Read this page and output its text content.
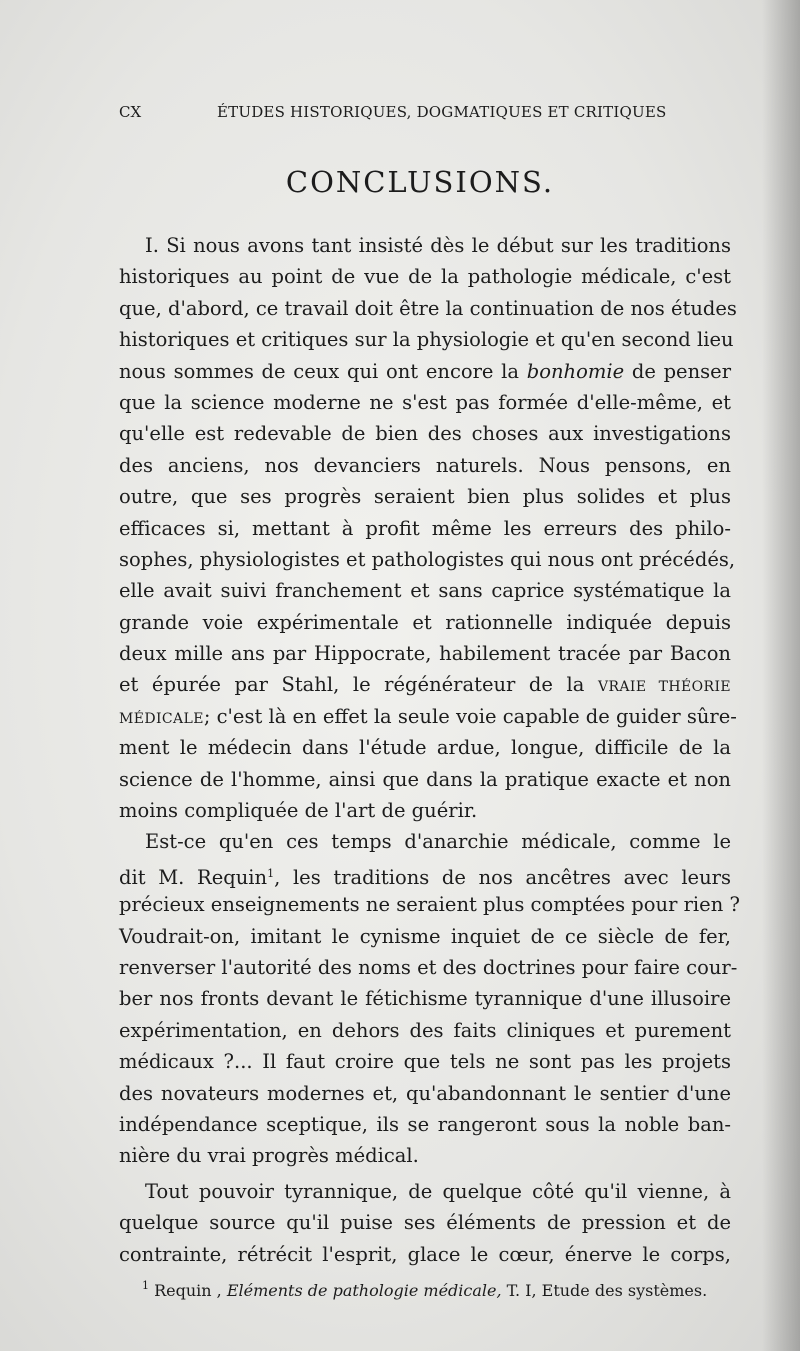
CX	ÉTUDES HISTORIQUES, DOGMATIQUES ET CRITIQUES
CONCLUSIONS.
I. Si nous avons tant insisté dès le début sur les traditions
historiques au point de vue de la pathologie médicale, c'est
que, d'abord, ce travail doit être la continuation de nos études
historiques et critiques sur la physiologie et qu'en second lieu
nous sommes de ceux qui ont encore la bonhomie de penser
que la science moderne ne s'est pas formée d'elle-même, et
qu'elle est redevable de bien des choses aux investigations
des anciens, nos devanciers naturels. Nous pensons, en
outre, que ses progrès seraient bien plus solides et plus
efficaces si, mettant à profit même les erreurs des philo-
sophes, physiologistes et pathologistes qui nous ont précédés,
elle avait suivi franchement et sans caprice systématique la
grande voie expérimentale et rationnelle indiquée depuis
deux mille ans par Hippocrate, habilement tracée par Bacon
et épurée par Stahl, le régénérateur de la VRAIE THÉORIE
MÉDICALE; c'est là en effet la seule voie capable de guider sûre-
ment le médecin dans l'étude ardue, longue, difficile de la
science de l'homme, ainsi que dans la pratique exacte et non
moins compliquée de l'art de guérir.
Est-ce qu'en ces temps d'anarchie médicale, comme le
dit M. Requin$^1$, les traditions de nos ancêtres avec leurs
précieux enseignements ne seraient plus comptées pour rien ?
Voudrait-on, imitant le cynisme inquiet de ce siècle de fer,
renverser l'autorité des noms et des doctrines pour faire cour-
ber nos fronts devant le fétichisme tyrannique d'une illusoire
expérimentation, en dehors des faits cliniques et purement
médicaux ?... Il faut croire que tels ne sont pas les projets
des novateurs modernes et, qu'abandonnant le sentier d'une
indépendance sceptique, ils se rangeront sous la noble ban-
nière du vrai progrès médical.
Tout pouvoir tyrannique, de quelque côté qu'il vienne, à
quelque source qu'il puise ses éléments de pression et de
contrainte, rétrécit l'esprit, glace le cœur, énerve le corps,
$^1$ Requin , Eléments de pathologie médicale, T. I, Etude des systèmes.
